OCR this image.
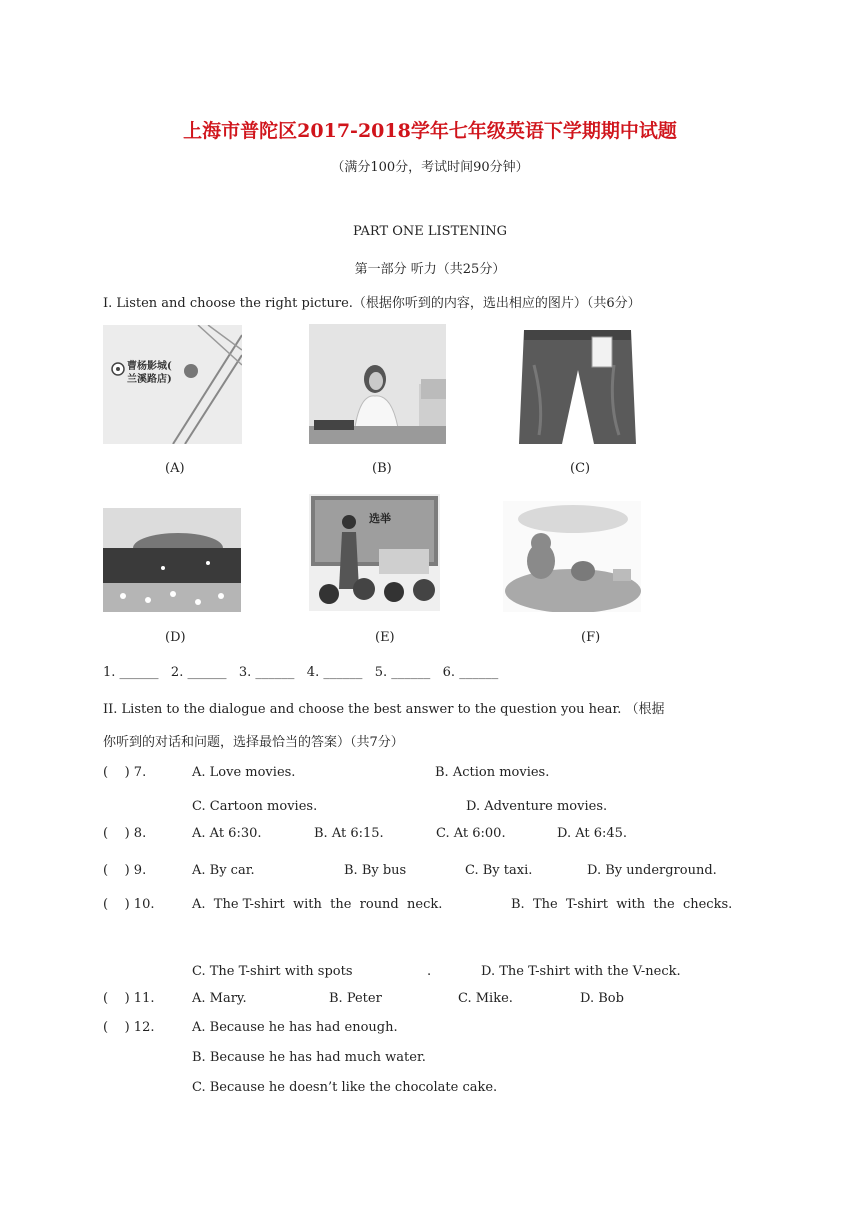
上海市普陀区2017-2018学年七年级英语下学期期中试题
（满分100分，考试时间90分钟）
PART ONE LISTENING
第一部分 听力（共25分）
I. Listen and choose the right picture.（根据你听到的内容，选出相应的图片）（共6分）
曹杨影城(
兰溪路店)
(A)	(B)	(C)
选举
(D)	(E)	(F)
1. ______   2. ______   3. ______   4. ______   5. ______   6. ______
II. Listen to the dialogue and choose the best answer to the question you hear. （根据
你听到的对话和问题，选择最恰当的答案）（共7分）
(    ) 7.	A. Love movies.	B. Action movies.
C. Cartoon movies.	D. Adventure movies.
(    ) 8.	A. At 6:30.	B. At 6:15.	C. At 6:00.	D. At 6:45.
(    ) 9.	A. By car.	B. By bus	C. By taxi.	D. By underground.
(    ) 10.	A.  The T-shirt  with  the  round  neck.	B.  The  T-shirt  with  the  checks.
C. The T-shirt with spots	.	D. The T-shirt with the V-neck.
(    ) 11.	A. Mary.	B. Peter	C. Mike.	D. Bob
(    ) 12.	A. Because he has had enough.
B. Because he has had much water.
C. Because he doesn’t like the chocolate cake.
